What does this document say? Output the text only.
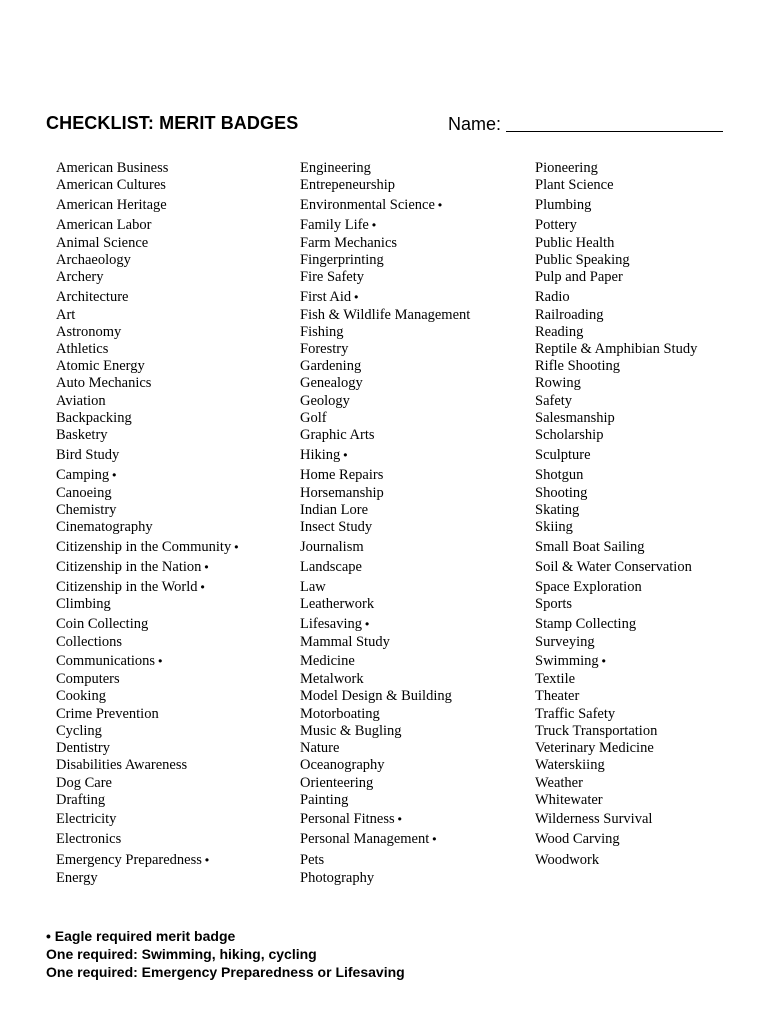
CHECKLIST: MERIT BADGES	Name:
American Business
American Cultures
American Heritage
American Labor
Animal Science
Archaeology
Archery
Architecture
Art
Astronomy
Athletics
Atomic Energy
Auto Mechanics
Aviation
Backpacking
Basketry
Bird Study
Camping •
Canoeing
Chemistry
Cinematography
Citizenship in the Community •
Citizenship in the Nation •
Citizenship in the World •
Climbing
Coin Collecting
Collections
Communications •
Computers
Cooking
Crime Prevention
Cycling
Dentistry
Disabilities Awareness
Dog Care
Drafting
Electricity
Electronics
Emergency Preparedness •
Energy
Engineering
Entrepeneurship
Environmental Science •
Family Life •
Farm Mechanics
Fingerprinting
Fire Safety
First Aid •
Fish & Wildlife Management
Fishing
Forestry
Gardening
Genealogy
Geology
Golf
Graphic Arts
Hiking •
Home Repairs
Horsemanship
Indian Lore
Insect Study
Journalism
Landscape
Law
Leatherwork
Lifesaving •
Mammal Study
Medicine
Metalwork
Model Design & Building
Motorboating
Music & Bugling
Nature
Oceanography
Orienteering
Painting
Personal Fitness •
Personal Management •
Pets
Photography
Pioneering
Plant Science
Plumbing
Pottery
Public Health
Public Speaking
Pulp and Paper
Radio
Railroading
Reading
Reptile & Amphibian Study
Rifle Shooting
Rowing
Safety
Salesmanship
Scholarship
Sculpture
Shotgun
Shooting
Skating
Skiing
Small Boat Sailing
Soil & Water Conservation
Space Exploration
Sports
Stamp Collecting
Surveying
Swimming •
Textile
Theater
Traffic Safety
Truck Transportation
Veterinary Medicine
Waterskiing
Weather
Whitewater
Wilderness Survival
Wood Carving
Woodwork
• Eagle required merit badge
One required: Swimming, hiking, cycling
One required: Emergency Preparedness or Lifesaving
